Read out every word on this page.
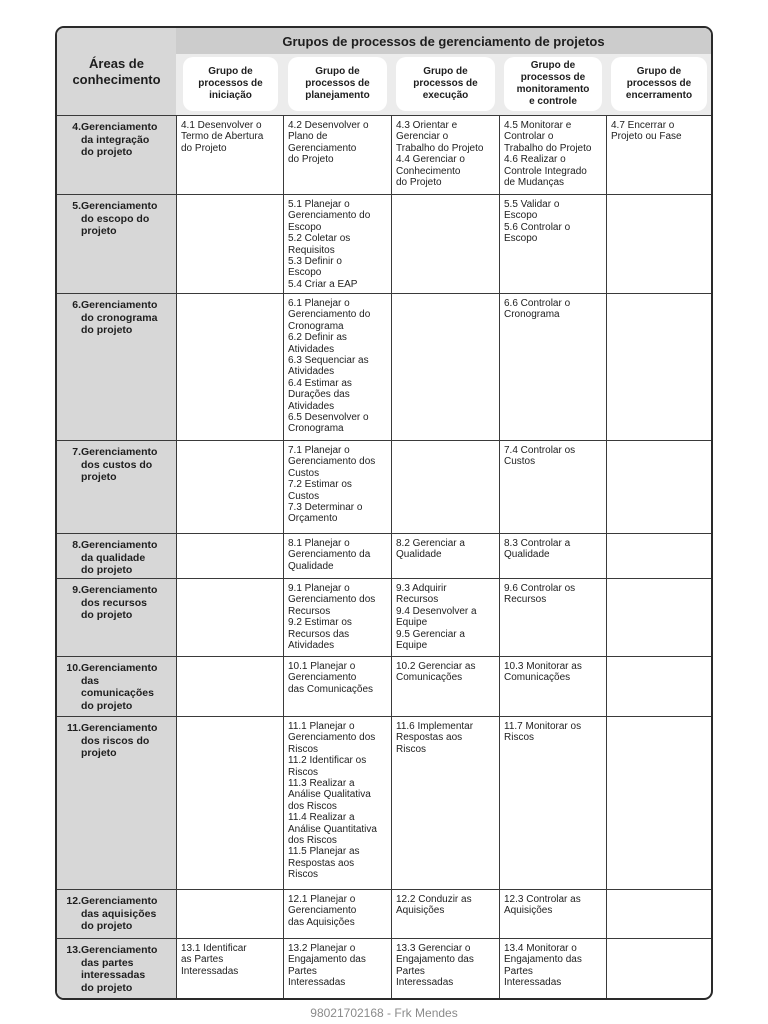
Áreas de
conhecimento
Grupos de processos de gerenciamento de projetos
Grupo de
processos de
iniciação
Grupo de
processos de
planejamento
Grupo de
processos de
execução
Grupo de
processos de
monitoramento
e controle
Grupo de
processos de
encerramento
4. Gerenciamento
da integração
do projeto
4.1 Desenvolver o
Termo de Abertura
do Projeto
4.2 Desenvolver o
Plano de
Gerenciamento
do Projeto
4.3 Orientar e
Gerenciar o
Trabalho do Projeto
4.4 Gerenciar o
Conhecimento
do Projeto
4.5 Monitorar e
Controlar o
Trabalho do Projeto
4.6 Realizar o
Controle Integrado
de Mudanças
4.7 Encerrar o
Projeto ou Fase
5. Gerenciamento
do escopo do
projeto
5.1 Planejar o
Gerenciamento do
Escopo
5.2 Coletar os
Requisitos
5.3 Definir o
Escopo
5.4 Criar a EAP
5.5 Validar o
Escopo
5.6 Controlar o
Escopo
6. Gerenciamento
do cronograma
do projeto
6.1 Planejar o
Gerenciamento do
Cronograma
6.2 Definir as
Atividades
6.3 Sequenciar as
Atividades
6.4 Estimar as
Durações das
Atividades
6.5 Desenvolver o
Cronograma
6.6 Controlar o
Cronograma
7. Gerenciamento
dos custos do
projeto
7.1 Planejar o
Gerenciamento dos
Custos
7.2 Estimar os
Custos
7.3 Determinar o
Orçamento
7.4 Controlar os
Custos
8. Gerenciamento
da qualidade
do projeto
8.1 Planejar o
Gerenciamento da
Qualidade
8.2 Gerenciar a
Qualidade
8.3 Controlar a
Qualidade
9. Gerenciamento
dos recursos
do projeto
9.1 Planejar o
Gerenciamento dos
Recursos
9.2 Estimar os
Recursos das
Atividades
9.3 Adquirir
Recursos
9.4 Desenvolver a
Equipe
9.5 Gerenciar a
Equipe
9.6 Controlar os
Recursos
10. Gerenciamento
das
comunicações
do projeto
10.1 Planejar o
Gerenciamento
das Comunicações
10.2 Gerenciar as
Comunicações
10.3 Monitorar as
Comunicações
11. Gerenciamento
dos riscos do
projeto
11.1 Planejar o
Gerenciamento dos
Riscos
11.2 Identificar os
Riscos
11.3 Realizar a
Análise Qualitativa
dos Riscos
11.4 Realizar a
Análise Quantitativa
dos Riscos
11.5 Planejar as
Respostas aos
Riscos
11.6 Implementar
Respostas aos
Riscos
11.7 Monitorar os
Riscos
12. Gerenciamento
das aquisições
do projeto
12.1 Planejar o
Gerenciamento
das Aquisições
12.2 Conduzir as
Aquisições
12.3 Controlar as
Aquisições
13. Gerenciamento
das partes
interessadas
do projeto
13.1 Identificar
as Partes
Interessadas
13.2 Planejar o
Engajamento das
Partes
Interessadas
13.3 Gerenciar o
Engajamento das
Partes
Interessadas
13.4 Monitorar o
Engajamento das
Partes
Interessadas
98021702168 - Frk Mendes
